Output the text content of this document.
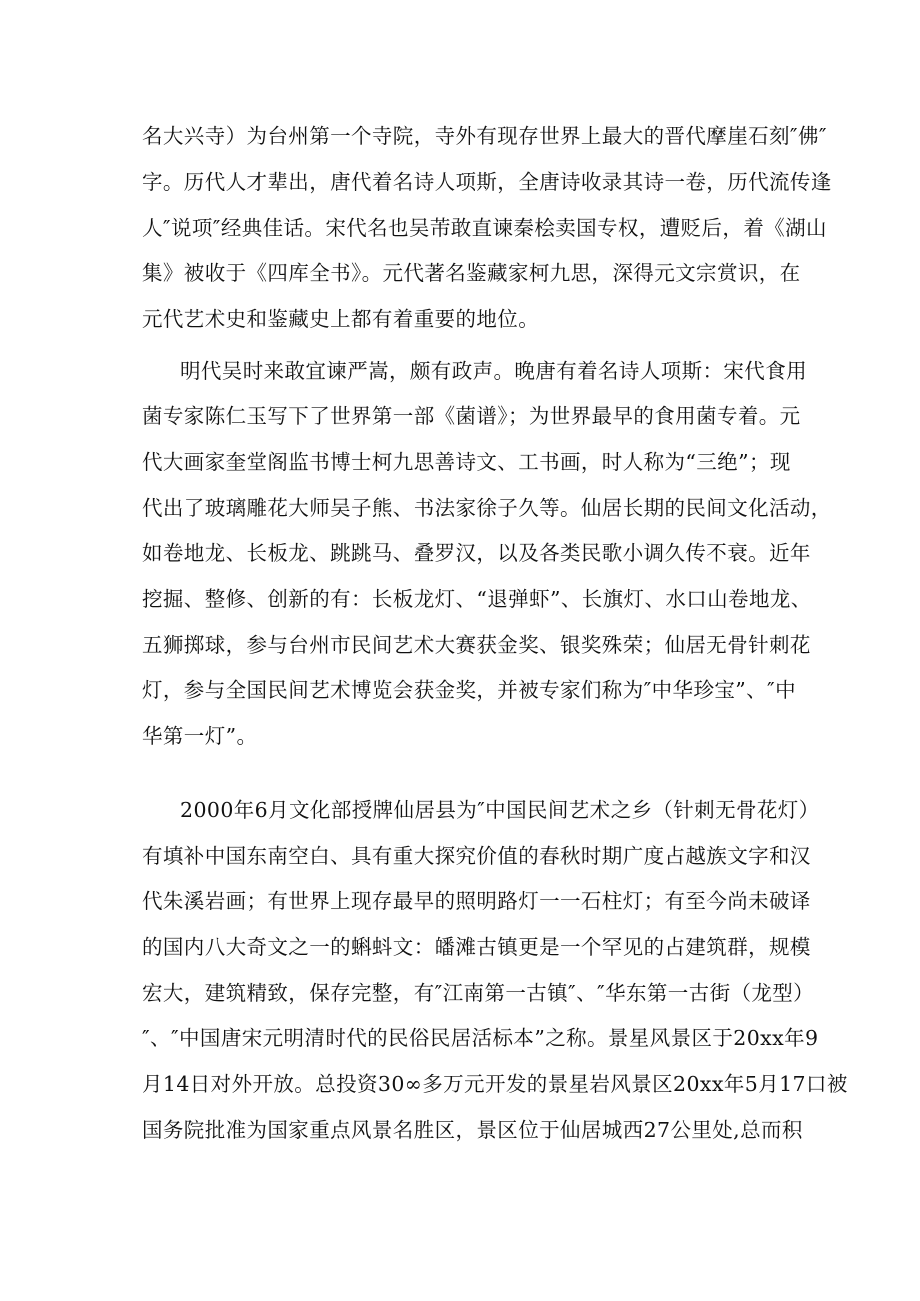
名大兴寺）为台州第一个寺院，寺外有现存世界上最大的晋代摩崖石刻″佛″
字。历代人才辈出，唐代着名诗人项斯，全唐诗收录其诗一卷，历代流传逢
人″说项″经典佳话。宋代名也吴芾敢直谏秦桧卖国专权，遭贬后，着《湖山
集》被收于《四库全书》。元代著名鉴藏家柯九思，深得元文宗赏识，在
元代艺术史和鉴藏史上都有着重要的地位。
明代吴时来敢宜谏严嵩，颇有政声。晚唐有着名诗人项斯：宋代食用
菌专家陈仁玉写下了世界第一部《菌谱》；为世界最早的食用菌专着。元
代大画家奎堂阁监书博士柯九思善诗文、工书画，时人称为“三绝”；现
代出了玻璃雕花大师吴子熊、书法家徐子久等。仙居长期的民间文化活动，
如卷地龙、长板龙、跳跳马、叠罗汉，以及各类民歌小调久传不衰。近年
挖掘、整修、创新的有：长板龙灯、“退弹虾”、长旗灯、水口山卷地龙、
五狮掷球，参与台州市民间艺术大赛获金奖、银奖殊荣；仙居无骨针刺花
灯，参与全国民间艺术博览会获金奖，并被专家们称为″中华珍宝”、″中
华第一灯”。
2000年6月文化部授牌仙居县为″中国民间艺术之乡（针刺无骨花灯）
有填补中国东南空白、具有重大探究价值的春秋时期广度占越族文字和汉
代朱溪岩画；有世界上现存最早的照明路灯一一石柱灯；有至今尚未破译
的国内八大奇文之一的蝌蚪文：皤滩古镇更是一个罕见的占建筑群，规模
宏大，建筑精致，保存完整，有″江南第一古镇″、″华东第一古街（龙型）
″、″中国唐宋元明清时代的民俗民居活标本”之称。景星风景区于20xx年9
月14日对外开放。总投资30∞多万元开发的景星岩风景区20xx年5月17口被
国务院批准为国家重点风景名胜区，景区位于仙居城西27公里处,总而积
